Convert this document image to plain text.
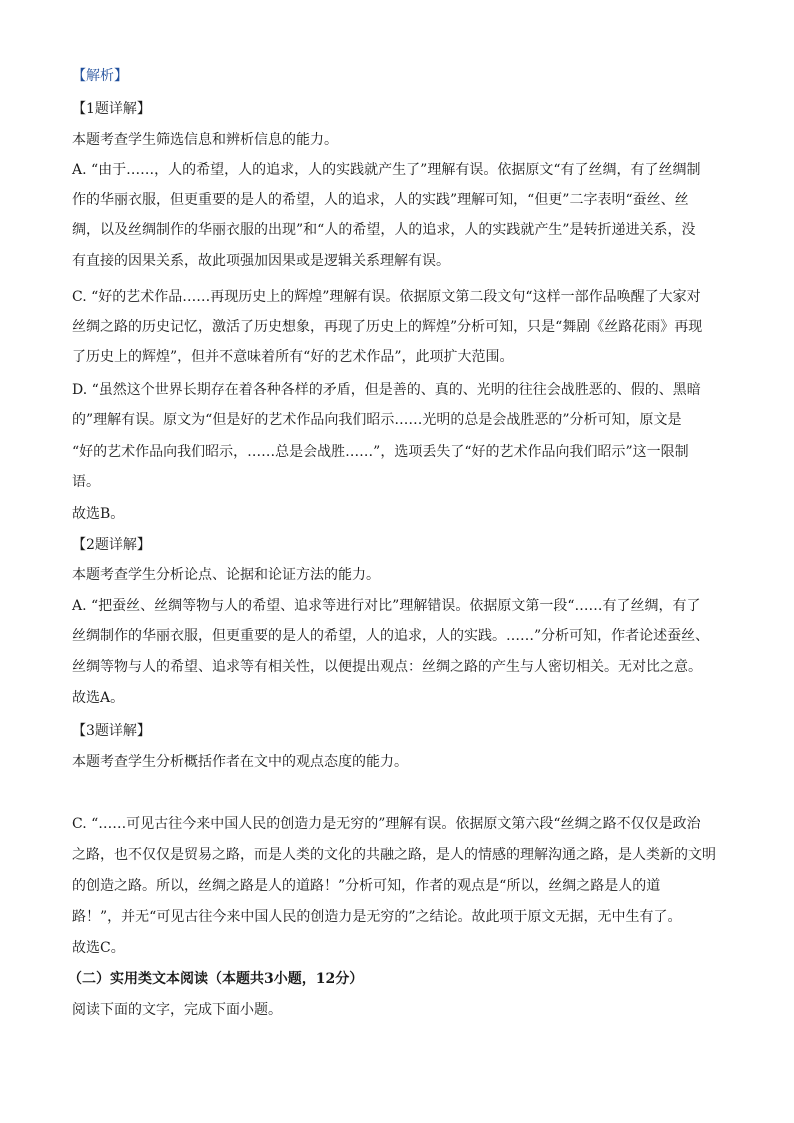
【解析】
【1题详解】
本题考查学生筛选信息和辨析信息的能力。
A. “由于……，人的希望，人的追求，人的实践就产生了”理解有误。依据原文“有了丝绸，有了丝绸制
作的华丽衣服，但更重要的是人的希望，人的追求，人的实践”理解可知，“但更”二字表明“蚕丝、丝
绸，以及丝绸制作的华丽衣服的出现”和“人的希望，人的追求，人的实践就产生”是转折递进关系，没
有直接的因果关系，故此项强加因果或是逻辑关系理解有误。
C. “好的艺术作品……再现历史上的辉煌”理解有误。依据原文第二段文句“这样一部作品唤醒了大家对
丝绸之路的历史记忆，激活了历史想象，再现了历史上的辉煌”分析可知，只是“舞剧《丝路花雨》再现
了历史上的辉煌”，但并不意味着所有“好的艺术作品”，此项扩大范围。
D. “虽然这个世界长期存在着各种各样的矛盾，但是善的、真的、光明的往往会战胜恶的、假的、黑暗
的”理解有误。原文为“但是好的艺术作品向我们昭示……光明的总是会战胜恶的”分析可知，原文是
“好的艺术作品向我们昭示，……总是会战胜……”，选项丢失了“好的艺术作品向我们昭示”这一限制
语。
故选B。
【2题详解】
本题考查学生分析论点、论据和论证方法的能力。
A. “把蚕丝、丝绸等物与人的希望、追求等进行对比”理解错误。依据原文第一段“……有了丝绸，有了
丝绸制作的华丽衣服，但更重要的是人的希望，人的追求，人的实践。……”分析可知，作者论述蚕丝、
丝绸等物与人的希望、追求等有相关性，以便提出观点：丝绸之路的产生与人密切相关。无对比之意。
故选A。
【3题详解】
本题考查学生分析概括作者在文中的观点态度的能力。
C. “……可见古往今来中国人民的创造力是无穷的”理解有误。依据原文第六段“丝绸之路不仅仅是政治
之路，也不仅仅是贸易之路，而是人类的文化的共融之路，是人的情感的理解沟通之路，是人类新的文明
的创造之路。所以，丝绸之路是人的道路！”分析可知，作者的观点是“所以，丝绸之路是人的道
路！”，并无“可见古往今来中国人民的创造力是无穷的”之结论。故此项于原文无据，无中生有了。
故选C。
（二）实用类文本阅读（本题共3小题，12分）
阅读下面的文字，完成下面小题。
